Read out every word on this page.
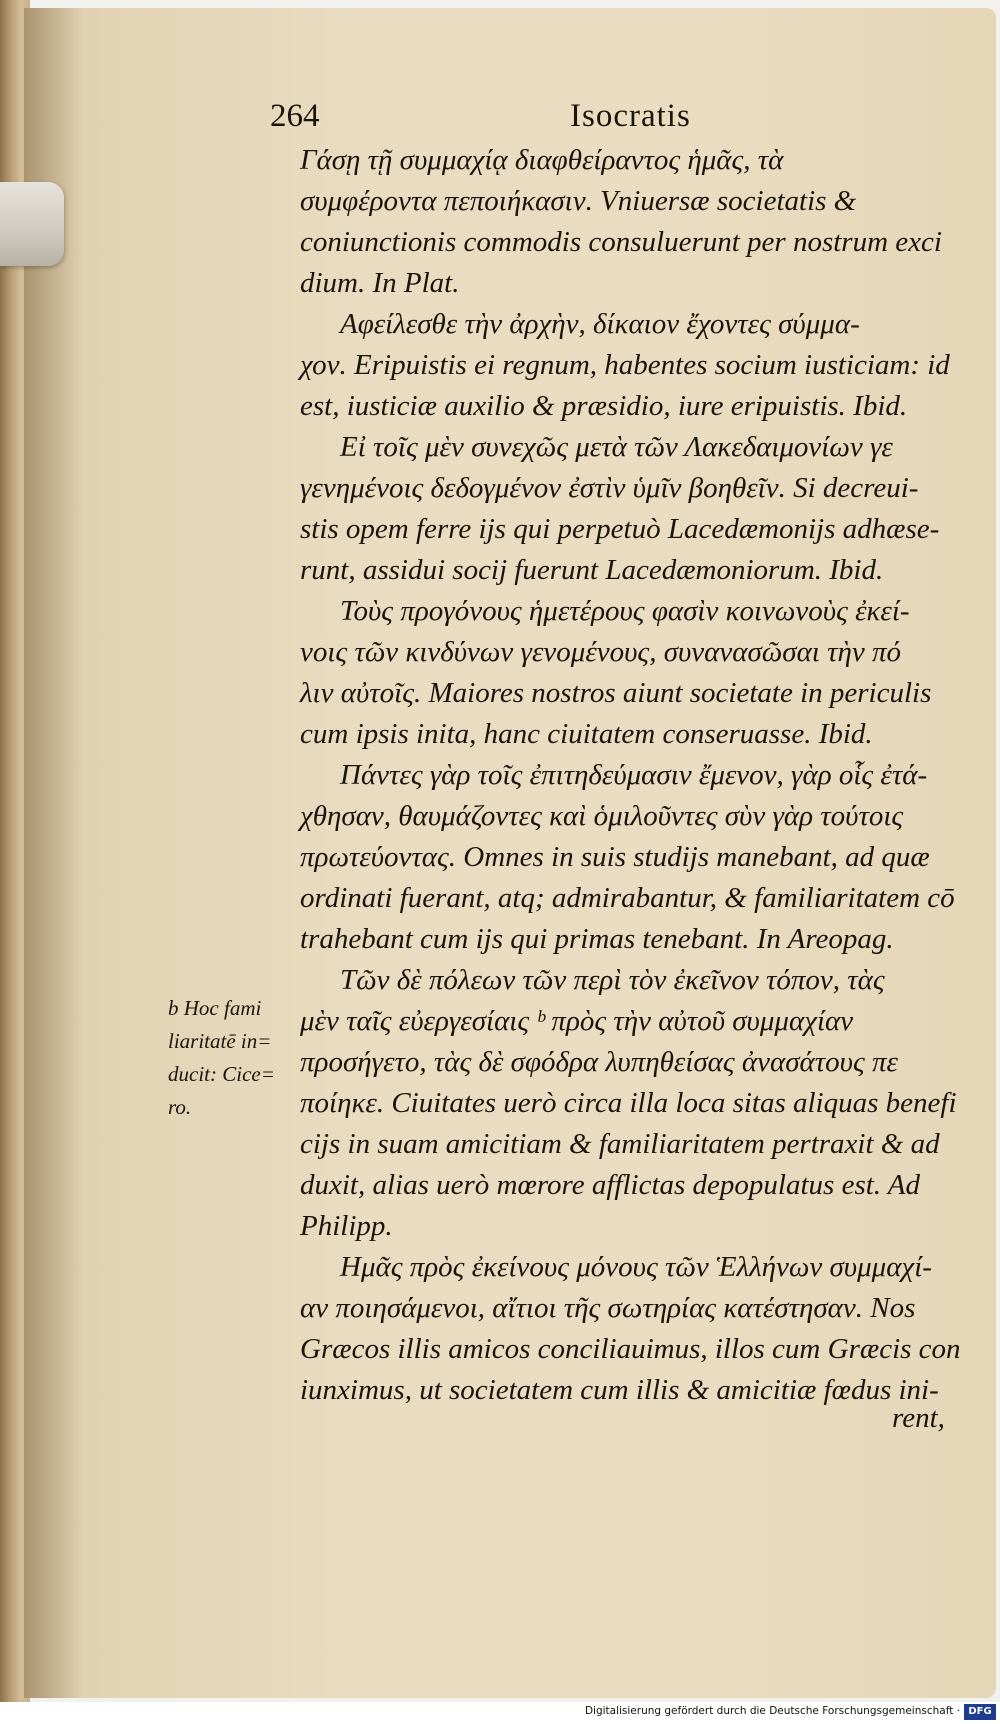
264	Isocratis
Γάσῃ τῇ συμμαχίᾳ διαφθείραντος ἡμᾶς, τὰ
συμφέροντα πεποιήκασιν. Vniuersæ societatis &
coniunctionis commodis consuluerunt per nostrum exci
dium. In Plat.
Αφείλεσθε τὴν ἀρχὴν, δίκαιον ἔχοντες σύμμα-
χον. Eripuistis ei regnum, habentes socium iusticiam: id
est, iusticiæ auxilio & præsidio, iure eripuistis. Ibid.
Εἰ τοῖς μὲν συνεχῶς μετὰ τῶν Λακεδαιμονίων γε
γενημένοις δεδογμένον ἐστὶν ὑμῖν βοηθεῖν. Si decreui-
stis opem ferre ijs qui perpetuò Lacedæmonijs adhæse-
runt, assidui socij fuerunt Lacedæmoniorum. Ibid.
Τοὺς προγόνους ἡμετέρους φασὶν κοινωνοὺς ἐκεί-
νοις τῶν κινδύνων γενομένους, συνανασῶσαι τὴν πό
λιν αὐτοῖς. Maiores nostros aiunt societate in periculis
cum ipsis inita, hanc ciuitatem conseruasse. Ibid.
Πάντες γὰρ τοῖς ἐπιτηδεύμασιν ἔμενον, γὰρ οἷς ἐτά-
χθησαν, θαυμάζοντες καὶ ὁμιλοῦντες σὺν γὰρ τούτοις
πρωτεύοντας. Omnes in suis studijs manebant, ad quæ
ordinati fuerant, atq; admirabantur, & familiaritatem cō
trahebant cum ijs qui primas tenebant. In Areopag.
Τῶν δὲ πόλεων τῶν περὶ τὸν ἐκεῖνον τόπον, τὰς
μὲν ταῖς εὐεργεσίαις ᵇ πρὸς τὴν αὐτοῦ συμμαχίαν
προσήγετο, τὰς δὲ σφόδρα λυπηθείσας ἀνασάτους πε
ποίηκε. Ciuitates uerò circa illa loca sitas aliquas benefi
cijs in suam amicitiam & familiaritatem pertraxit & ad
duxit, alias uerò mœrore afflictas depopulatus est. Ad
Philipp.
Ημᾶς πρὸς ἐκείνους μόνους τῶν Ἑλλήνων συμμαχί-
αν ποιησάμενοι, αἴτιοι τῆς σωτηρίας κατέστησαν. Nos
Græcos illis amicos conciliauimus, illos cum Græcis con
iunximus, ut societatem cum illis & amicitiæ fœdus ini-
b Hoc fami
liaritatē in=
ducit: Cice=
ro.
rent,
Digitalisierung gefördert durch die Deutsche Forschungsgemeinschaft · DFG
